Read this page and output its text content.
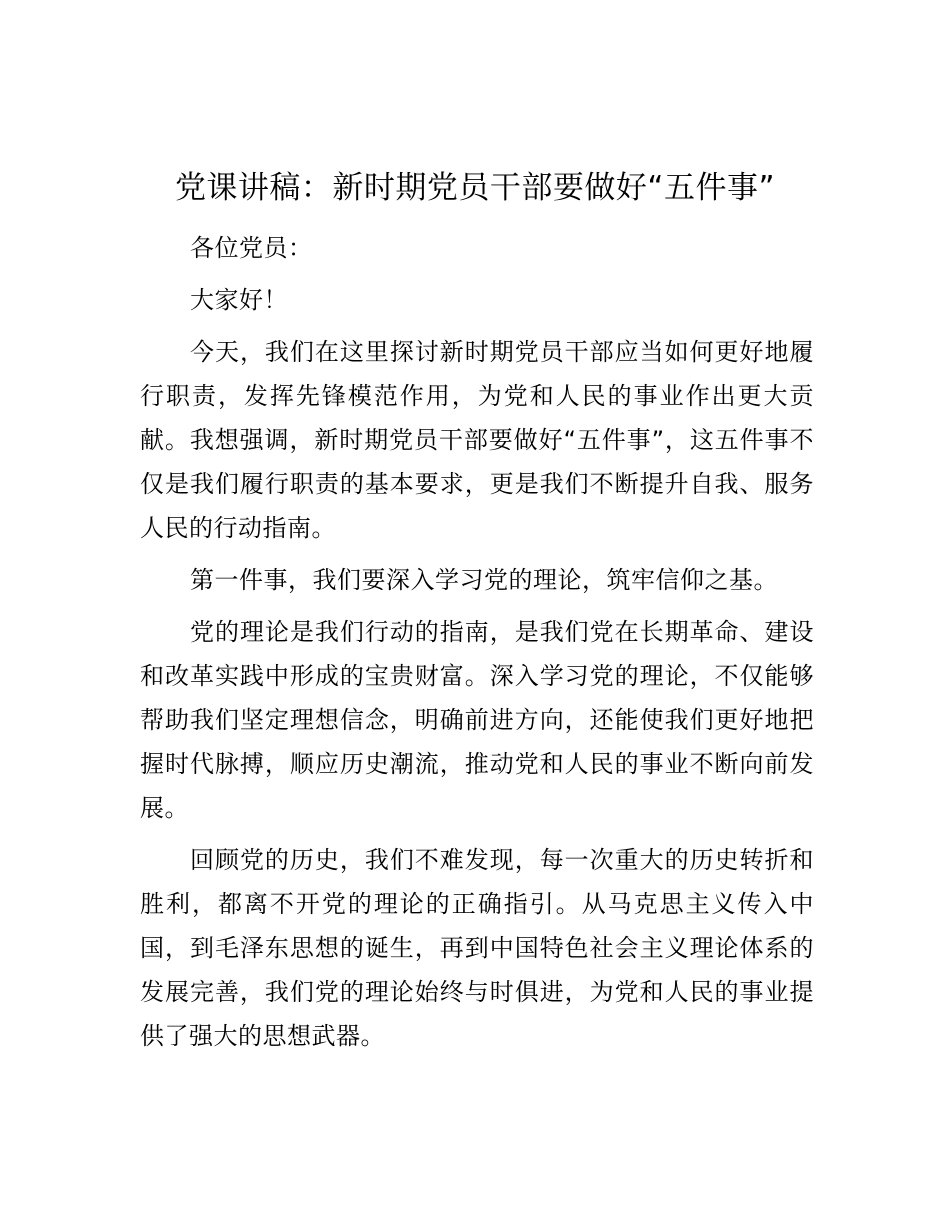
党课讲稿：新时期党员干部要做好“五件事”

各位党员：

大家好！

今天，我们在这里探讨新时期党员干部应当如何更好地履行职责，发挥先锋模范作用，为党和人民的事业作出更大贡献。我想强调，新时期党员干部要做好“五件事”，这五件事不仅是我们履行职责的基本要求，更是我们不断提升自我、服务人民的行动指南。

第一件事，我们要深入学习党的理论，筑牢信仰之基。

党的理论是我们行动的指南，是我们党在长期革命、建设和改革实践中形成的宝贵财富。深入学习党的理论，不仅能够帮助我们坚定理想信念，明确前进方向，还能使我们更好地把握时代脉搏，顺应历史潮流，推动党和人民的事业不断向前发展。

回顾党的历史，我们不难发现，每一次重大的历史转折和胜利，都离不开党的理论的正确指引。从马克思主义传入中国，到毛泽东思想的诞生，再到中国特色社会主义理论体系的发展完善，我们党的理论始终与时俱进，为党和人民的事业提供了强大的思想武器。
